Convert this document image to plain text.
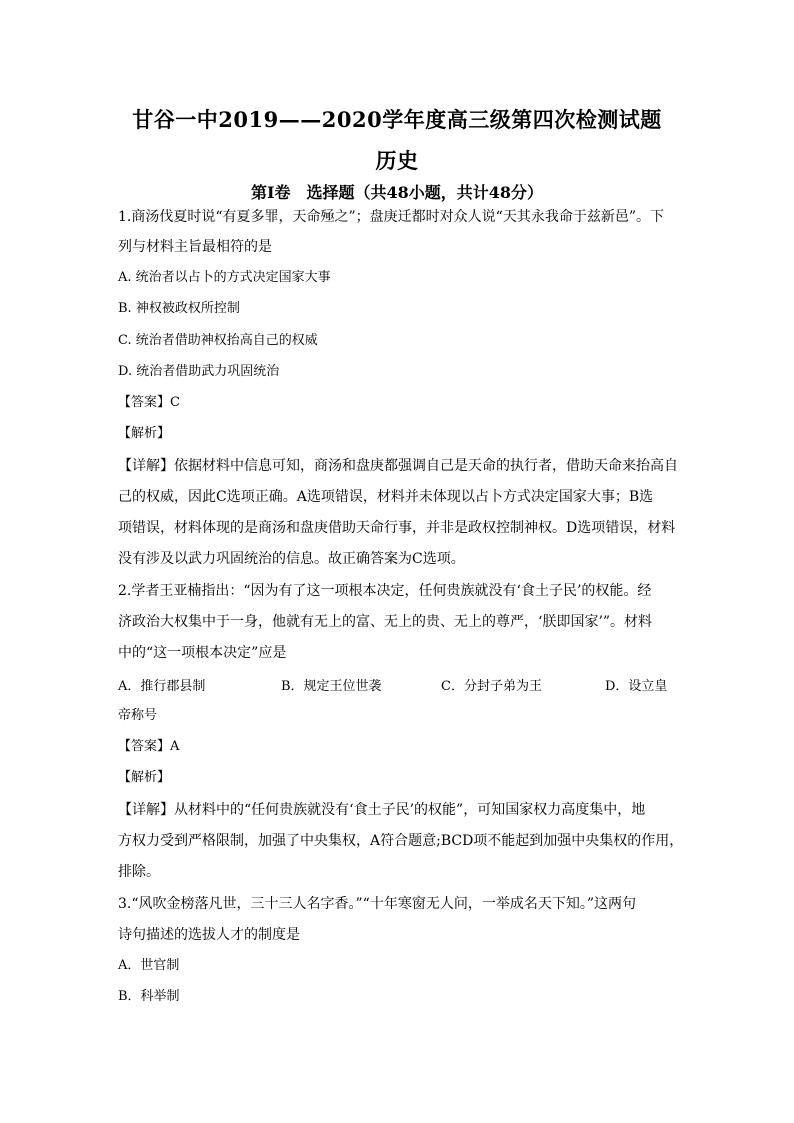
甘谷一中2019——2020学年度高三级第四次检测试题
历史
第Ⅰ卷　选择题（共48小题，共计48分）
1.商汤伐夏时说“有夏多罪，天命殛之”；盘庚迁都时对众人说“天其永我命于兹新邑”。下
列与材料主旨最相符的是
A. 统治者以占卜的方式决定国家大事
B. 神权被政权所控制
C. 统治者借助神权抬高自己的权威
D. 统治者借助武力巩固统治
【答案】C
【解析】
【详解】依据材料中信息可知，商汤和盘庚都强调自己是天命的执行者，借助天命来抬高自
己的权威，因此C选项正确。A选项错误，材料并未体现以占卜方式决定国家大事；B选
项错误，材料体现的是商汤和盘庚借助天命行事，并非是政权控制神权。D选项错误，材料
没有涉及以武力巩固统治的信息。故正确答案为C选项。
2.学者王亚楠指出：“因为有了这一项根本决定，任何贵族就没有‘食土子民’的权能。经
济政治大权集中于一身，他就有无上的富、无上的贵、无上的尊严，‘朕即国家’”。材料
中的“这一项根本决定”应是
A．推行郡县制	B．规定王位世袭	C．分封子弟为王	D．设立皇
帝称号
【答案】A
【解析】
【详解】从材料中的“任何贵族就没有‘食土子民’的权能”，可知国家权力高度集中，地
方权力受到严格限制，加强了中央集权，A符合题意;BCD项不能起到加强中央集权的作用，
排除。
3.“风吹金榜落凡世，三十三人名字香。”“十年寒窗无人问，一举成名天下知。”这两句
诗句描述的选拔人才的制度是
A．世官制
B．科举制
